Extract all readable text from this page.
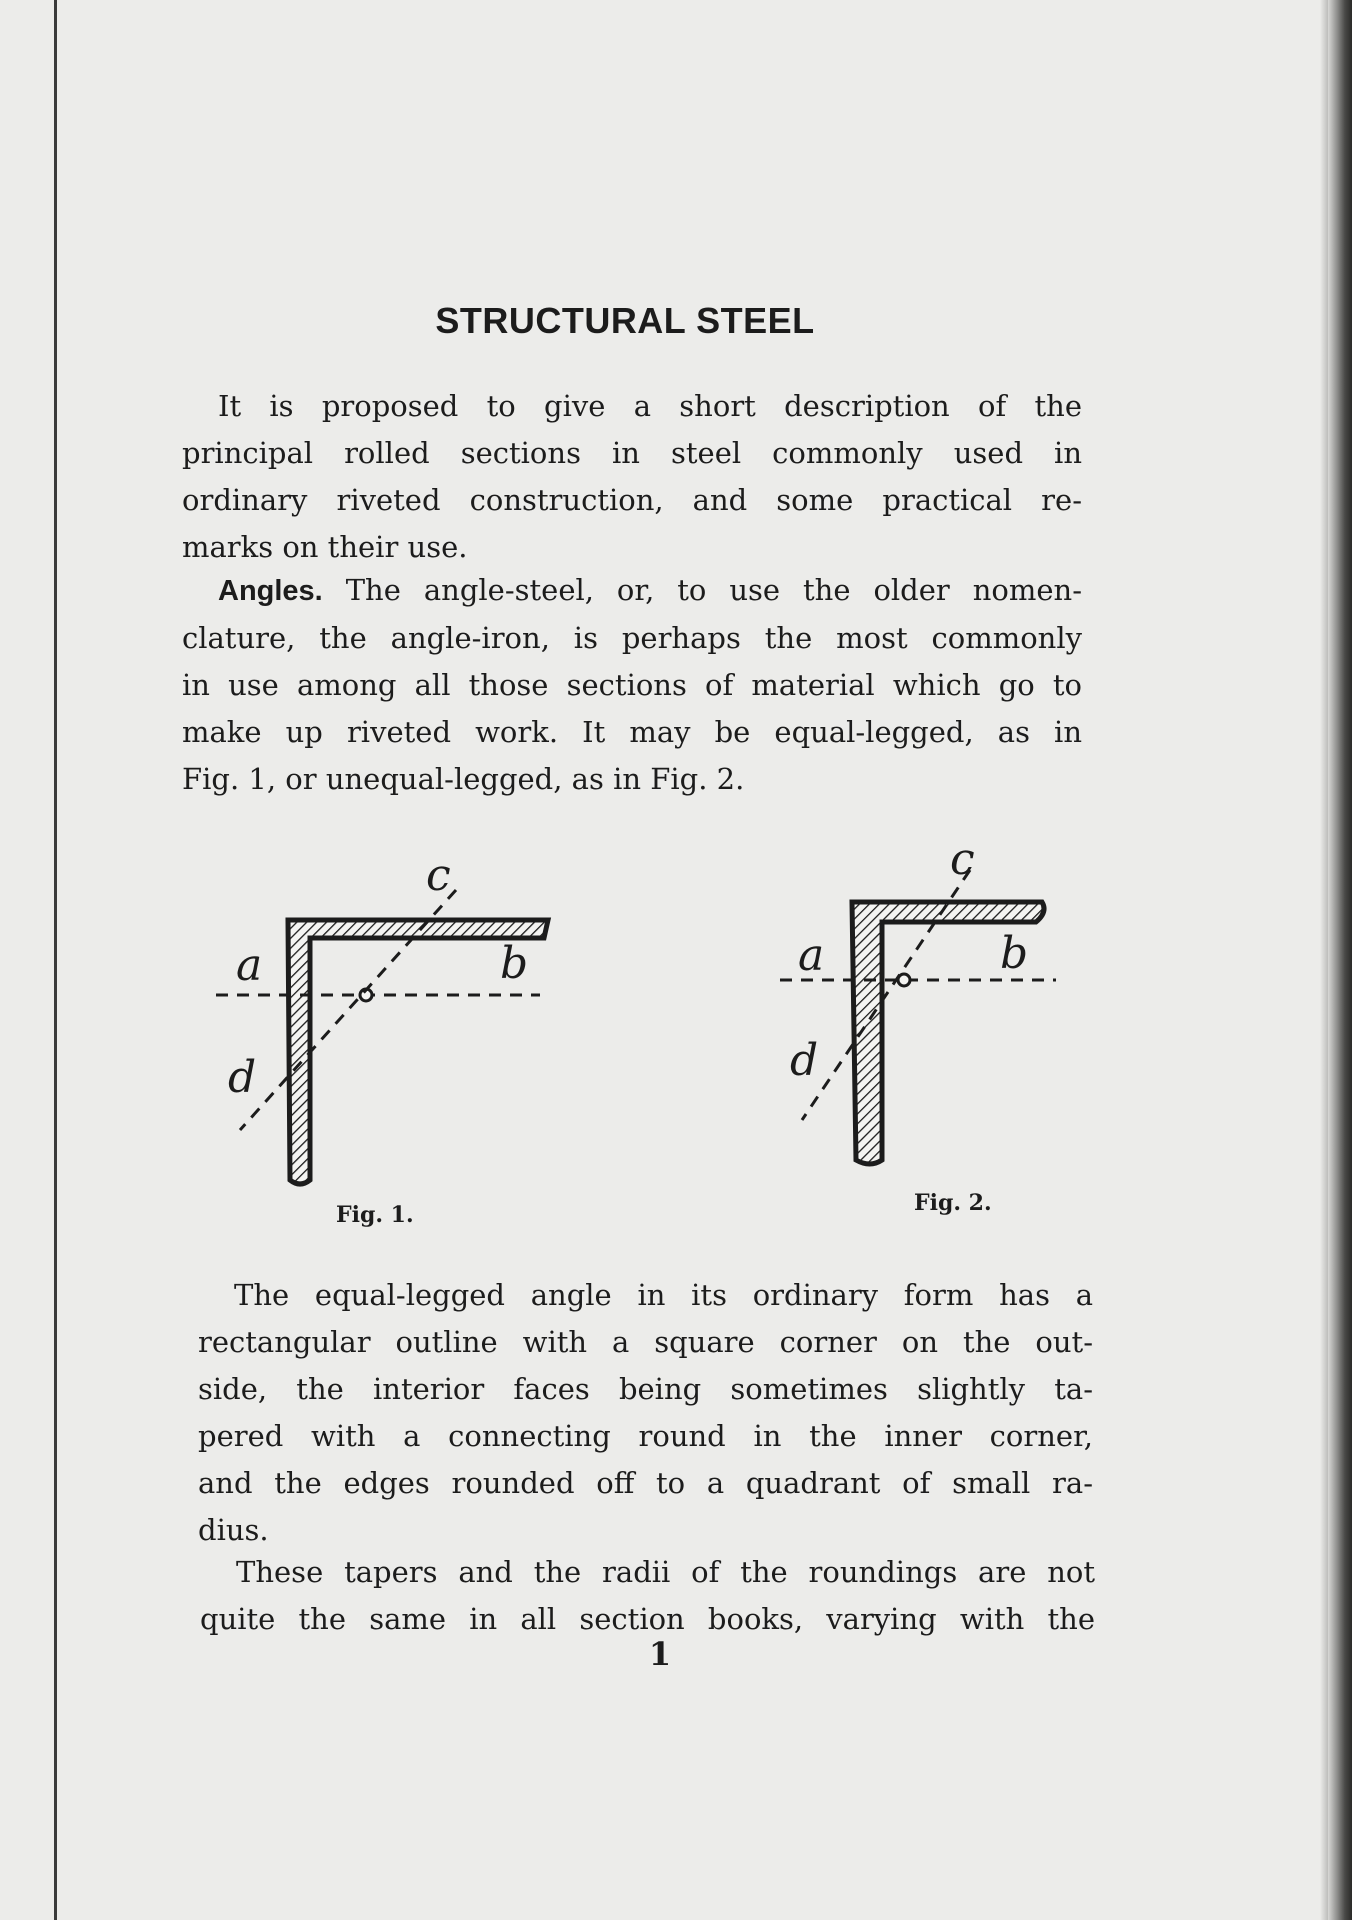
STRUCTURAL STEEL

It is proposed to give a short description of the
principal rolled sections in steel commonly used in
ordinary riveted construction, and some practical re-
marks on their use.

Angles. The angle-steel, or, to use the older nomen-
clature, the angle-iron, is perhaps the most commonly
in use among all those sections of material which go to
make up riveted work. It may be equal-legged, as in
Fig. 1, or unequal-legged, as in Fig. 2.

a	b
c
d
a	b
c
d
Fig. 1.	Fig. 2.

The equal-legged angle in its ordinary form has a
rectangular outline with a square corner on the out-
side, the interior faces being sometimes slightly ta-
pered with a connecting round in the inner corner,
and the edges rounded off to a quadrant of small ra-
dius.

These tapers and the radii of the roundings are not
quite the same in all section books, varying with the

1
